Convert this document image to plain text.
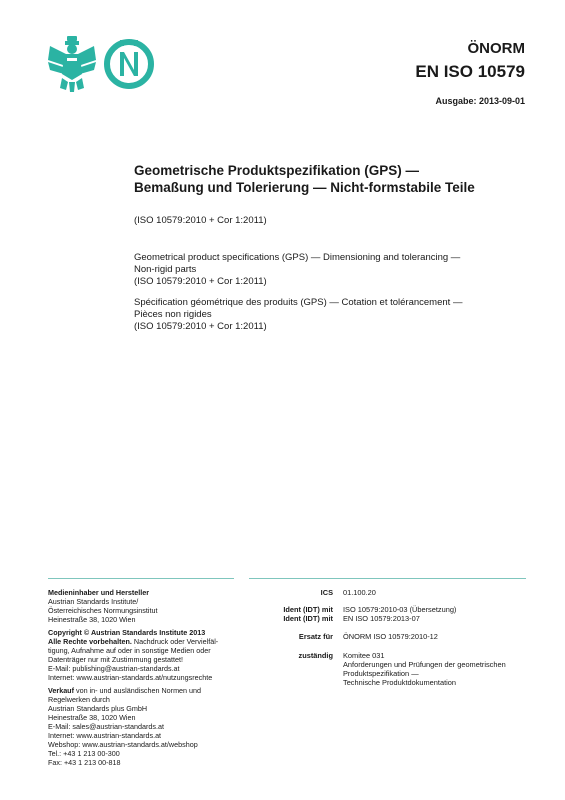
ÖNORM
EN ISO 10579
Ausgabe: 2013-09-01
Geometrische Produktspezifikation (GPS) —
Bemaßung und Tolerierung — Nicht-formstabile Teile
(ISO 10579:2010 + Cor 1:2011)
Geometrical product specifications (GPS) — Dimensioning and tolerancing —
Non-rigid parts
(ISO 10579:2010 + Cor 1:2011)
Spécification géométrique des produits (GPS) — Cotation et tolérancement —
Pièces non rigides
(ISO 10579:2010 + Cor 1:2011)
Medieninhaber und Hersteller
Austrian Standards Institute/
Österreichisches Normungsinstitut
Heinestraße 38, 1020 Wien
Copyright © Austrian Standards Institute 2013
Alle Rechte vorbehalten. Nachdruck oder Vervielfäl-
tigung, Aufnahme auf oder in sonstige Medien oder
Datenträger nur mit Zustimmung gestattet!
E-Mail: publishing@austrian-standards.at
Internet: www.austrian-standards.at/nutzungsrechte
Verkauf von in- und ausländischen Normen und
Regelwerken durch
Austrian Standards plus GmbH
Heinestraße 38, 1020 Wien
E-Mail: sales@austrian-standards.at
Internet: www.austrian-standards.at
Webshop: www.austrian-standards.at/webshop
Tel.: +43 1 213 00-300
Fax: +43 1 213 00-818
ICS 01.100.20
Ident (IDT) mit ISO 10579:2010-03 (Übersetzung)
Ident (IDT) mit EN ISO 10579:2013-07
Ersatz für ÖNORM ISO 10579:2010-12
zuständig Komitee 031
Anforderungen und Prüfungen der geometrischen
Produktspezifikation —
Technische Produktdokumentation
